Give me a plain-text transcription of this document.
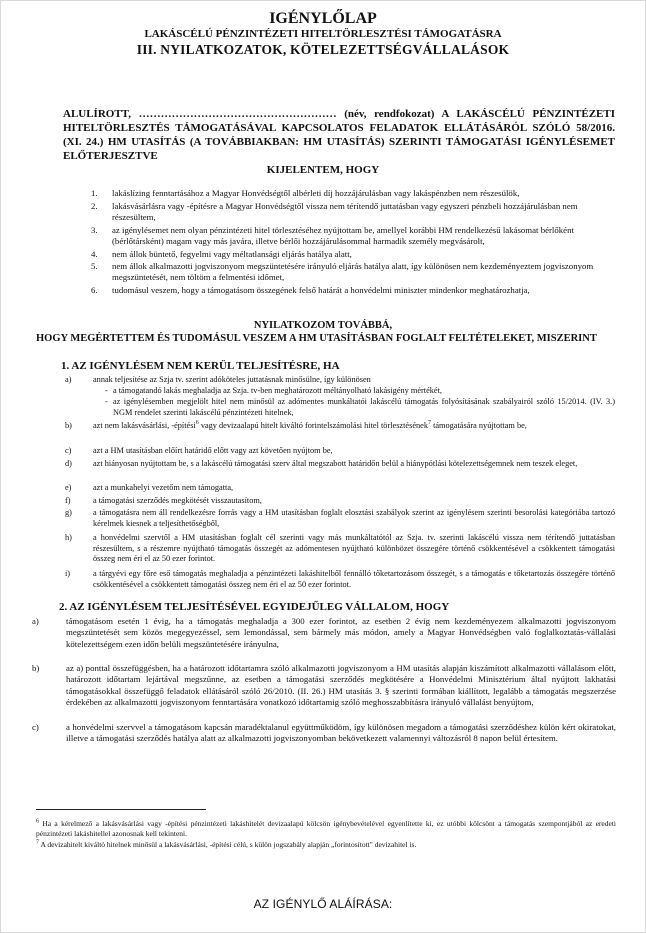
IGÉNYLŐLAP
LAKÁSCÉLÚ PÉNZINTÉZETI HITELTÖRLESZTÉSI TÁMOGATÁSRA
III. NYILATKOZATOK, KÖTELEZETTSÉGVÁLLALÁSOK
ALULÍROTT, ……………………………………………… (név, rendfokozat) A LAKÁSCÉLÚ PÉNZINTÉZETI HITELTÖRLESZTÉS TÁMOGATÁSÁVAL KAPCSOLATOS FELADATOK ELLÁTÁSÁRÓL SZÓLÓ 58/2016. (XI. 24.) HM UTASÍTÁS (A TOVÁBBIAKBAN: HM UTASÍTÁS) SZERINTI TÁMOGATÁSI IGÉNYLÉSEMET ELŐTERJESZTVE
KIJELENTEM, HOGY
1. lakáslízing fenntartásához a Magyar Honvédségtől albérleti díj hozzájárulásban vagy lakáspénzben nem részesülök,
2. lakásvásárlásra vagy -építésre a Magyar Honvédségtől vissza nem térítendő juttatásban vagy egyszeri pénzbeli hozzájárulásban nem részesültem,
3. az igénylésemet nem olyan pénzintézeti hitel törlesztéséhez nyújtottam be, amellyel korábbi HM rendelkezésű lakásomat bérlőként (bérlőtársként) magam vagy más javára, illetve bérlői hozzájárulásommal harmadik személy megvásárolt,
4. nem állok büntető, fegyelmi vagy méltatlansági eljárás hatálya alatt,
5. nem állok alkalmazotti jogviszonyom megszüntetésére irányuló eljárás hatálya alatt, így különösen nem kezdeményeztem jogviszonyom megszüntetését, nem töltöm a felmentési időmet,
6. tudomásul veszem, hogy a támogatásom összegének felső határát a honvédelmi miniszter mindenkor meghatározhatja,
NYILATKOZOM TOVÁBBÁ,
HOGY MEGÉRTETTEM ÉS TUDOMÁSUL VESZEM A HM UTASÍTÁSBAN FOGLALT FELTÉTELEKET, MISZERINT
1. AZ IGÉNYLÉSEM NEM KERÜL TELJESÍTÉSRE, HA
a)	annak teljesítése az Szja tv. szerint adóköteles juttatásnak minősülne, így különösen
- a támogatandó lakás meghaladja az Szja. tv-ben meghatározott méltányolható lakásigény mértékét,
- az igénylésemben megjelölt hitel nem minősül az adómentes munkáltatói lakáscélú támogatás folyósításának szabályairól szóló 15/2014. (IV. 3.) NGM rendelet szerinti lakáscélú pénzintézeti hitelnek,
b)	azt nem lakásvásárlási, -építési$^6$ vagy devizaalapú hitelt kiváltó forintelszámolási hitel törlesztésének$^7$ támogatására nyújtottam be,
c)	azt a HM utasításban előírt határidő előtt vagy azt követően nyújtom be,
d)	azt hiányosan nyújtottam be, s a lakáscélú támogatási szerv által megszabott határidőn belül a hiánypótlási kötelezettségemnek nem teszek eleget,
e)	azt a munkahelyi vezetőm nem támogatta,
f)	a támogatási szerződés megkötését visszautasítom,
g)	a támogatásra nem áll rendelkezésre forrás vagy a HM utasításban foglalt elosztási szabályok szerint az igénylésem szerinti besorolási kategóriába tartozó kérelmek kiesnek a teljesíthetőségből,
h)	a honvédelmi szervtől a HM utasításban foglalt cél szerinti vagy más munkáltatótól az Szja. tv. szerinti lakáscélú vissza nem térítendő juttatásban részesültem, s a részemre nyújtható támogatás összegét az adómentesen nyújtható különbözet összegére történő csökkentésével a csökkentett támogatási összeg nem éri el az 50 ezer forintot.
i)	a tárgyévi egy főre eső támogatás meghaladja a pénzintézeti lakáshitelből fennálló tőketartozásom összegét, s a támogatás e tőketartozás összegére történő csökkentésével a csökkentett támogatási összeg nem éri el az 50 ezer forintot.
2. AZ IGÉNYLÉSEM TELJESÍTÉSÉVEL EGYIDEJŰLEG VÁLLALOM, HOGY
a)	támogatásom esetén 1 évig, ha a támogatás meghaladja a 300 ezer forintot, az esetben 2 évig nem kezdeményezem alkalmazotti jogviszonyom megszüntetését sem közös megegyezéssel, sem lemondással, sem bármely más módon, amely a Magyar Honvédségben való foglalkoztatás-vállalási kötelezettségem ezen időn belüli megszüntetésére irányulna,
b)	az a) ponttal összefüggésben, ha a határozott időtartamra szóló alkalmazotti jogviszonyom a HM utasítás alapján kiszámított alkalmazotti vállalásom előtt, határozott időtartam lejártával megszűnne, az esetben a támogatási szerződés megkötésére a Honvédelmi Minisztérium által nyújtott lakhatási támogatásokkal összefüggő feladatok ellátásáról szóló 26/2010. (II. 26.) HM utasítás 3. § szerinti formában kiállított, legalább a támogatás megszerzése érdekében az alkalmazotti jogviszonyom fenntartására vonatkozó időtartamig szóló meghosszabbításra irányuló vállalást benyújtom,
c)	a honvédelmi szervvel a támogatásom kapcsán maradéktalanul együttműködöm, így különösen megadom a támogatási szerződéshez külön kért okiratokat, illetve a támogatási szerződés hatálya alatt az alkalmazotti jogviszonyomban bekövetkezett valamennyi változásról 8 napon belül értesítem.
$^6$ Ha a kérelmező a lakásvásárlási vagy -építési pénzintézeti lakáshitelét devizaalapú kölcsön igénybevételével egyenlítette ki, ez utóbbi kölcsönt a támogatás szempontjából az eredeti pénzintézeti lakáshitellel azonosnak kell tekinteni.
$^7$ A devizahitelt kiváltó hitelnek minősül a lakásvásárlási, -építési célú, s külön jogszabály alapján „forintosított" devizahitel is.
AZ IGÉNYLŐ ALÁÍRÁSA:
